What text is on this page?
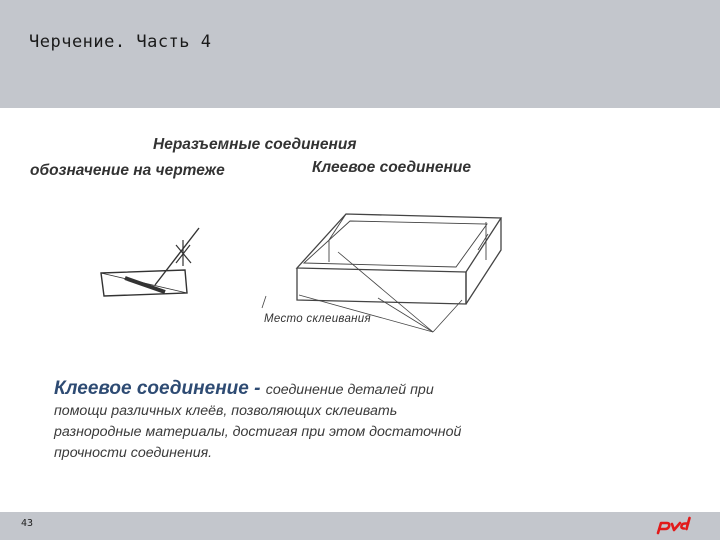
Черчение. Часть 4
Неразъемные соединения
обозначение на чертеже	Клеевое соединение
Место склеивания
Клеевое соединение - соединение деталей при помощи различных клеёв, позволяющих склеивать разнородные материалы, достигая при этом достаточной прочности соединения.
43
